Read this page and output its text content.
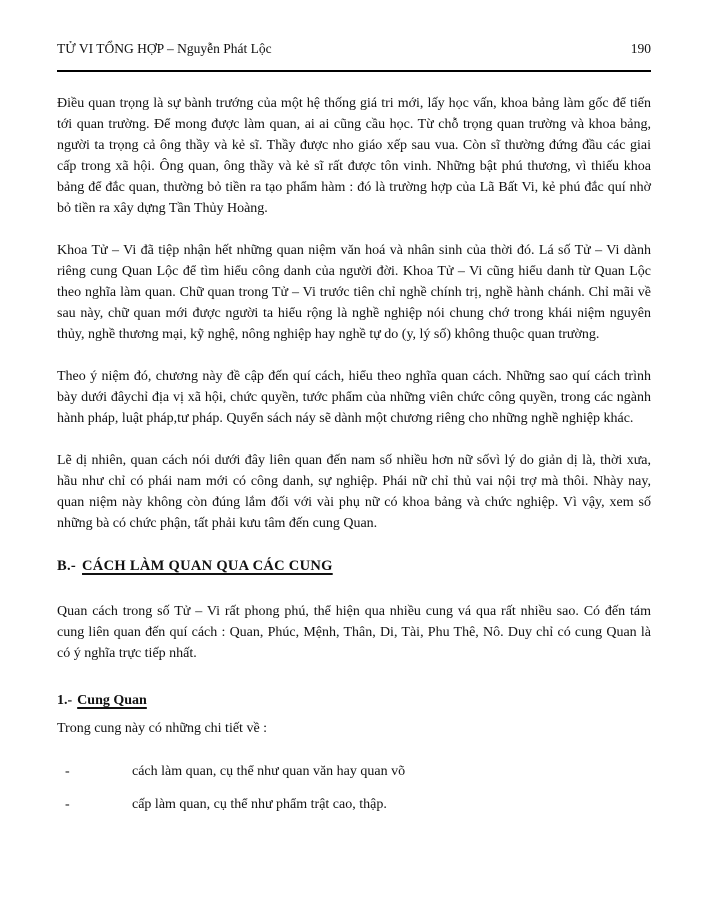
TỬ VI TỔNG HỢP – Nguyễn Phát Lộc	190

Điều quan trọng là sự bành trướng của một hệ thống giá tri mới, lấy học vấn, khoa bảng làm gốc để tiến tới quan trường. Để mong được làm quan, ai ai cũng cầu học. Từ chỗ trọng quan trường và khoa bảng, người ta trọng cả ông thầy và kẻ sĩ. Thầy được nho giáo xếp sau vua. Còn sĩ thường đứng đầu các giai cấp trong xã hội. Ông quan, ông thầy và kẻ sĩ rất được tôn vinh. Những bật phú thương, vì thiếu khoa bảng để đắc quan, thường bỏ tiền ra tạo phẩm hàm : đó là trường hợp của Lã Bất Vi, kẻ phú đắc quí nhờ bỏ tiền ra xây dựng Tần Thủy Hoàng.

Khoa Tử – Vi đã tiệp nhận hết những quan niệm văn hoá và nhân sinh của thời đó. Lá số Tử – Vi dành riêng cung Quan Lộc để tìm hiểu công danh của người đời. Khoa Tử – Vi cũng hiểu danh từ Quan Lộc theo nghĩa làm quan. Chữ quan trong Tử – Vi trước tiên chỉ nghề chính trị, nghề hành chánh. Chỉ mãi về sau này, chữ quan mới được người ta hiểu rộng là nghề nghiệp nói chung chớ trong khái niệm nguyên thủy, nghề thương mại, kỹ nghệ, nông nghiệp hay nghề tự do (y, lý số) không thuộc quan trường.

Theo ý niệm đó, chương này đề cập đến quí cách, hiểu theo nghĩa quan cách. Những sao quí cách trình bày dưới đâychỉ địa vị xã hội, chức quyền, tước phẩm của những viên chức công quyền, trong các ngành hành pháp, luật pháp,tư pháp. Quyển sách náy sẽ dành một chương riêng cho những nghề nghiệp khác.

Lẽ dị nhiên, quan cách nói dưới đây liên quan đến nam số nhiều hơn nữ sốvì lý do giản dị là, thời xưa, hầu như chỉ có phái nam mới có công danh, sự nghiệp. Phái nữ chỉ thủ vai nội trợ mà thôi. Nhày nay, quan niệm này không còn đúng lắm đối với vài phụ nữ có khoa bảng và chức nghiệp. Vì vậy, xem số những bà có chức phận, tất phải kưu tâm đến cung Quan.

B.- CÁCH LÀM QUAN QUA CÁC CUNG

Quan cách trong số Tử – Vi rất phong phú, thể hiện qua nhiều cung vá qua rất nhiều sao. Có đến tám cung liên quan đến quí cách : Quan, Phúc, Mệnh, Thân, Di, Tài, Phu Thê, Nô. Duy chỉ có cung Quan là có ý nghĩa trực tiếp nhất.

1.- Cung Quan

Trong cung này có những chi tiết về :

-	cách làm quan, cụ thể như quan văn hay quan võ
-	cấp làm quan, cụ thể như phẩm trật cao, thập.
